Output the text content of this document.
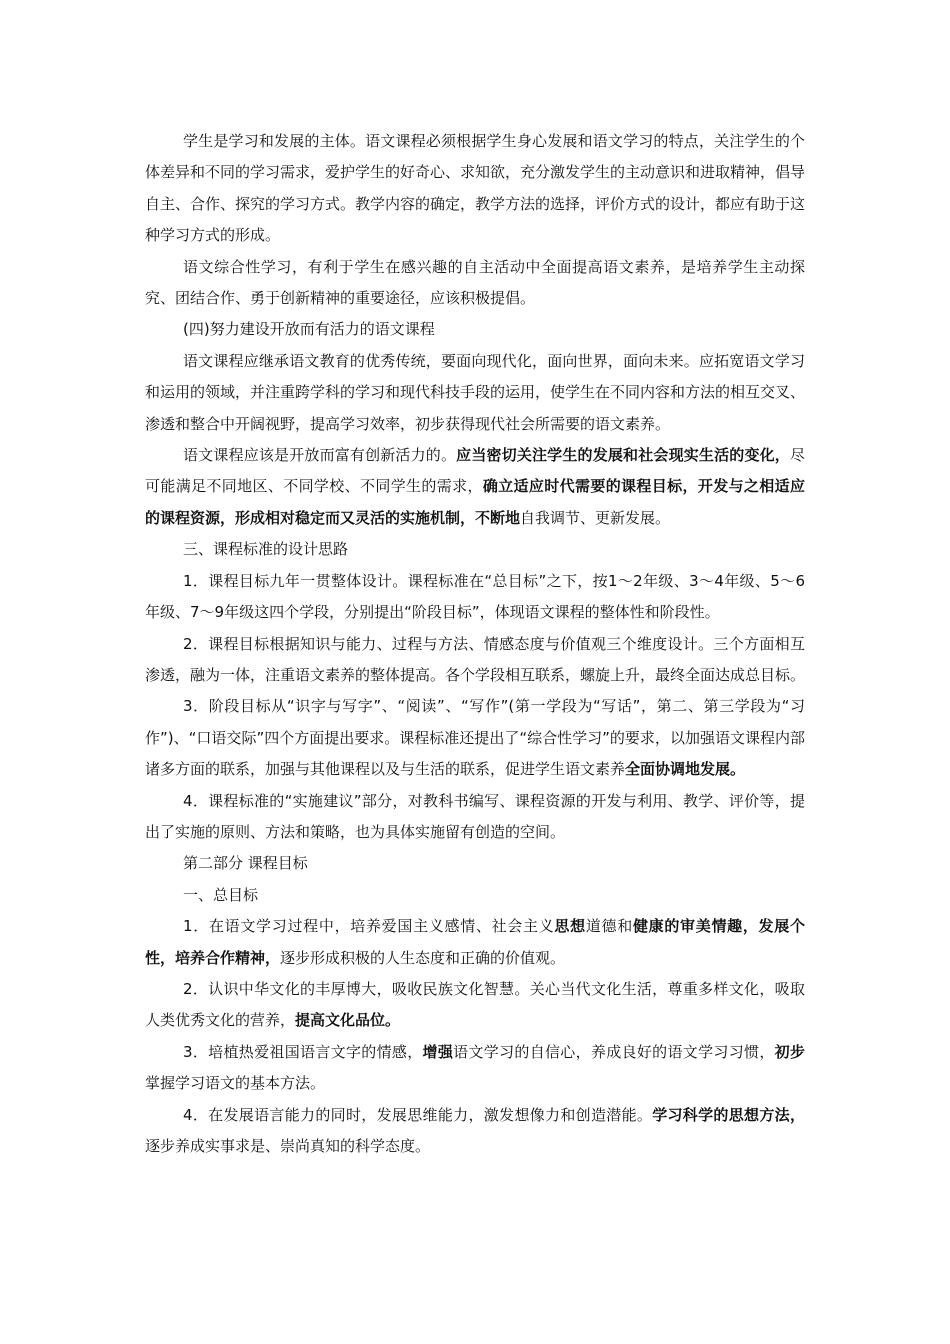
学生是学习和发展的主体。语文课程必须根据学生身心发展和语文学习的特点，关注学生的个体差异和不同的学习需求，爱护学生的好奇心、求知欲，充分激发学生的主动意识和进取精神，倡导自主、合作、探究的学习方式。教学内容的确定，教学方法的选择，评价方式的设计，都应有助于这种学习方式的形成。

语文综合性学习，有利于学生在感兴趣的自主活动中全面提高语文素养，是培养学生主动探究、团结合作、勇于创新精神的重要途径，应该积极提倡。

(四)努力建设开放而有活力的语文课程

语文课程应继承语文教育的优秀传统，要面向现代化，面向世界，面向未来。应拓宽语文学习和运用的领域，并注重跨学科的学习和现代科技手段的运用，使学生在不同内容和方法的相互交叉、渗透和整合中开阔视野，提高学习效率，初步获得现代社会所需要的语文素养。

语文课程应该是开放而富有创新活力的。应当密切关注学生的发展和社会现实生活的变化，尽可能满足不同地区、不同学校、不同学生的需求，确立适应时代需要的课程目标，开发与之相适应的课程资源，形成相对稳定而又灵活的实施机制，不断地自我调节、更新发展。

三、课程标准的设计思路

1．课程目标九年一贯整体设计。课程标准在“总目标”之下，按1～2年级、3～4年级、5～6年级、7～9年级这四个学段，分别提出“阶段目标”，体现语文课程的整体性和阶段性。

2．课程目标根据知识与能力、过程与方法、情感态度与价值观三个维度设计。三个方面相互渗透，融为一体，注重语文素养的整体提高。各个学段相互联系，螺旋上升，最终全面达成总目标。

3．阶段目标从“识字与写字”、“阅读”、“写作”(第一学段为“写话”，第二、第三学段为“习作”)、“口语交际”四个方面提出要求。课程标准还提出了“综合性学习”的要求，以加强语文课程内部诸多方面的联系，加强与其他课程以及与生活的联系，促进学生语文素养全面协调地发展。

4．课程标准的“实施建议”部分，对教科书编写、课程资源的开发与利用、教学、评价等，提出了实施的原则、方法和策略，也为具体实施留有创造的空间。

第二部分 课程目标

一、总目标

1．在语文学习过程中，培养爱国主义感情、社会主义思想道德和健康的审美情趣，发展个性，培养合作精神，逐步形成积极的人生态度和正确的价值观。

2．认识中华文化的丰厚博大，吸收民族文化智慧。关心当代文化生活，尊重多样文化，吸取人类优秀文化的营养，提高文化品位。

3．培植热爱祖国语言文字的情感，增强语文学习的自信心，养成良好的语文学习习惯，初步掌握学习语文的基本方法。

4．在发展语言能力的同时，发展思维能力，激发想像力和创造潜能。学习科学的思想方法，逐步养成实事求是、崇尚真知的科学态度。
